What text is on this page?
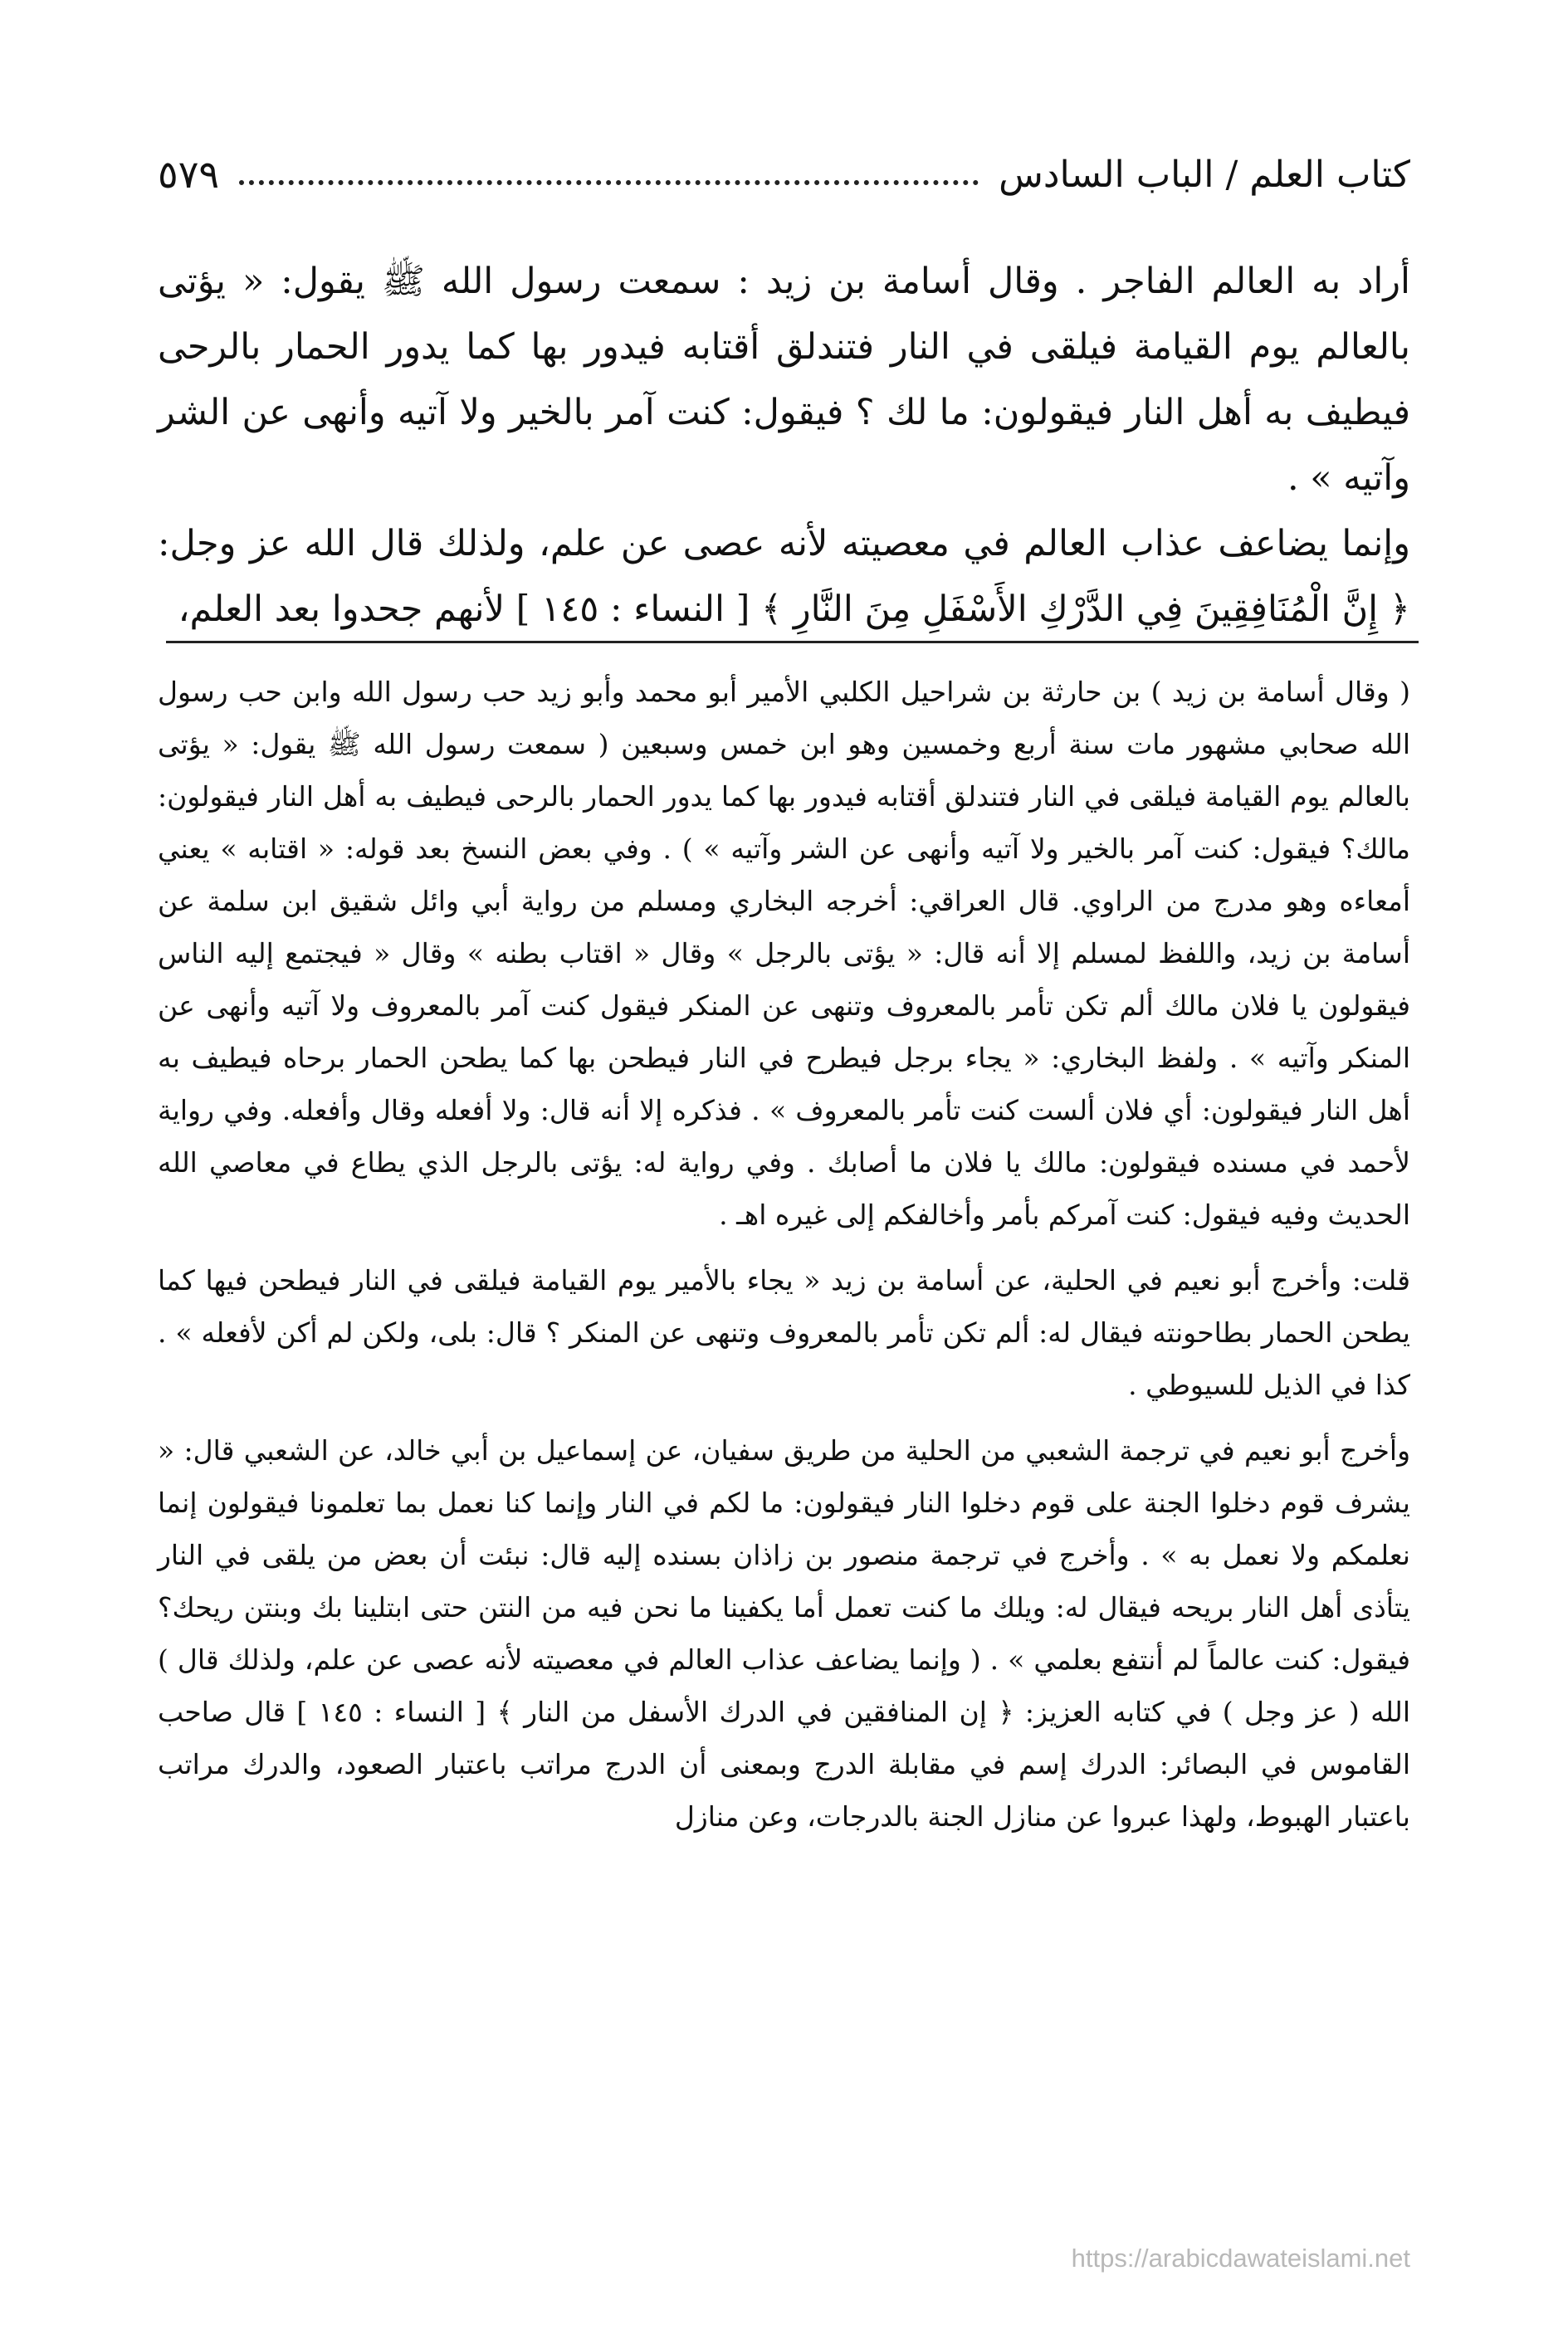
كتاب العلم / الباب السادس
٥٧٩

أراد به العالم الفاجر . وقال أسامة بن زيد : سمعت رسول الله ﷺ يقول: « يؤتى بالعالم يوم القيامة فيلقى في النار فتندلق أقتابه فيدور بها كما يدور الحمار بالرحى فيطيف به أهل النار فيقولون: ما لك ؟ فيقول: كنت آمر بالخير ولا آتيه وأنهى عن الشر وآتيه » .

وإنما يضاعف عذاب العالم في معصيته لأنه عصى عن علم، ولذلك قال الله عز وجل: ﴿ إِنَّ الْمُنَافِقِينَ فِي الدَّرْكِ الأَسْفَلِ مِنَ النَّارِ ﴾ [ النساء : ١٤٥ ] لأنهم جحدوا بعد العلم،

( وقال أسامة بن زيد ) بن حارثة بن شراحيل الكلبي الأمير أبو محمد وأبو زيد حب رسول الله وابن حب رسول الله صحابي مشهور مات سنة أربع وخمسين وهو ابن خمس وسبعين ( سمعت رسول الله ﷺ يقول: « يؤتى بالعالم يوم القيامة فيلقى في النار فتندلق أقتابه فيدور بها كما يدور الحمار بالرحى فيطيف به أهل النار فيقولون: مالك؟ فيقول: كنت آمر بالخير ولا آتيه وأنهى عن الشر وآتيه » ) . وفي بعض النسخ بعد قوله: « اقتابه » يعني أمعاءه وهو مدرج من الراوي. قال العراقي: أخرجه البخاري ومسلم من رواية أبي وائل شقيق ابن سلمة عن أسامة بن زيد، واللفظ لمسلم إلا أنه قال: « يؤتى بالرجل » وقال « اقتاب بطنه » وقال « فيجتمع إليه الناس فيقولون يا فلان مالك ألم تكن تأمر بالمعروف وتنهى عن المنكر فيقول كنت آمر بالمعروف ولا آتيه وأنهى عن المنكر وآتيه » . ولفظ البخاري: « يجاء برجل فيطرح في النار فيطحن بها كما يطحن الحمار برحاه فيطيف به أهل النار فيقولون: أي فلان ألست كنت تأمر بالمعروف » . فذكره إلا أنه قال: ولا أفعله وقال وأفعله. وفي رواية لأحمد في مسنده فيقولون: مالك يا فلان ما أصابك . وفي رواية له: يؤتى بالرجل الذي يطاع في معاصي الله الحديث وفيه فيقول: كنت آمركم بأمر وأخالفكم إلى غيره اهـ .

قلت: وأخرج أبو نعيم في الحلية، عن أسامة بن زيد « يجاء بالأمير يوم القيامة فيلقى في النار فيطحن فيها كما يطحن الحمار بطاحونته فيقال له: ألم تكن تأمر بالمعروف وتنهى عن المنكر ؟ قال: بلى، ولكن لم أكن لأفعله » . كذا في الذيل للسيوطي .

وأخرج أبو نعيم في ترجمة الشعبي من الحلية من طريق سفيان، عن إسماعيل بن أبي خالد، عن الشعبي قال: « يشرف قوم دخلوا الجنة على قوم دخلوا النار فيقولون: ما لكم في النار وإنما كنا نعمل بما تعلمونا فيقولون إنما نعلمكم ولا نعمل به » . وأخرج في ترجمة منصور بن زاذان بسنده إليه قال: نبئت أن بعض من يلقى في النار يتأذى أهل النار بريحه فيقال له: ويلك ما كنت تعمل أما يكفينا ما نحن فيه من النتن حتى ابتلينا بك وبنتن ريحك؟ فيقول: كنت عالماً لم أنتفع بعلمي » . ( وإنما يضاعف عذاب العالم في معصيته لأنه عصى عن علم، ولذلك قال ) الله ( عز وجل ) في كتابه العزيز: ﴿ إن المنافقين في الدرك الأسفل من النار ﴾ [ النساء : ١٤٥ ] قال صاحب القاموس في البصائر: الدرك إسم في مقابلة الدرج وبمعنى أن الدرج مراتب باعتبار الصعود، والدرك مراتب باعتبار الهبوط، ولهذا عبروا عن منازل الجنة بالدرجات، وعن منازل

https://arabicdawateislami.net
